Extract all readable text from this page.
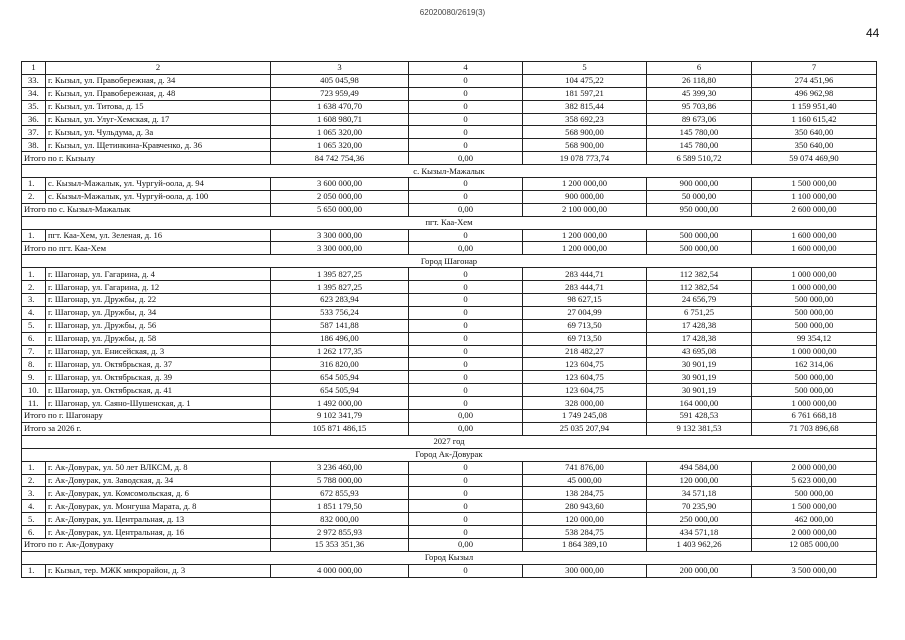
62020080/2619(3)
44
1	2	3	4	5	6	7
33.	г. Кызыл, ул. Правобережная, д. 34	405 045,98	0	104 475,22	26 118,80	274 451,96
34.	г. Кызыл, ул. Правобережная, д. 48	723 959,49	0	181 597,21	45 399,30	496 962,98
35.	г. Кызыл, ул. Титова, д. 15	1 638 470,70	0	382 815,44	95 703,86	1 159 951,40
36.	г. Кызыл, ул. Улуг-Хемская, д. 17	1 608 980,71	0	358 692,23	89 673,06	1 160 615,42
37.	г. Кызыл, ул. Чульдума, д. 3а	1 065 320,00	0	568 900,00	145 780,00	350 640,00
38.	г. Кызыл, ул. Щетинкина-Кравченко, д. 36	1 065 320,00	0	568 900,00	145 780,00	350 640,00
Итого по г. Кызылу		84 742 754,36	0,00	19 078 773,74	6 589 510,72	59 074 469,90
с. Кызыл-Мажалык						
1.	с. Кызыл-Мажалык, ул. Чургуй-оола, д. 94	3 600 000,00	0	1 200 000,00	900 000,00	1 500 000,00
2.	с. Кызыл-Мажалык, ул. Чургуй-оола, д. 100	2 050 000,00	0	900 000,00	50 000,00	1 100 000,00
Итого по с. Кызыл-Мажалык		5 650 000,00	0,00	2 100 000,00	950 000,00	2 600 000,00
пгт. Каа-Хем						
1.	пгт. Каа-Хем, ул. Зеленая, д. 16	3 300 000,00	0	1 200 000,00	500 000,00	1 600 000,00
Итого по пгт. Каа-Хем		3 300 000,00	0,00	1 200 000,00	500 000,00	1 600 000,00
Город Шагонар						
1.	г. Шагонар, ул. Гагарина, д. 4	1 395 827,25	0	283 444,71	112 382,54	1 000 000,00
2.	г. Шагонар, ул. Гагарина, д. 12	1 395 827,25	0	283 444,71	112 382,54	1 000 000,00
3.	г. Шагонар, ул. Дружбы, д. 22	623 283,94	0	98 627,15	24 656,79	500 000,00
4.	г. Шагонар, ул. Дружбы, д. 34	533 756,24	0	27 004,99	6 751,25	500 000,00
5.	г. Шагонар, ул. Дружбы, д. 56	587 141,88	0	69 713,50	17 428,38	500 000,00
6.	г. Шагонар, ул. Дружбы, д. 58	186 496,00	0	69 713,50	17 428,38	99 354,12
7.	г. Шагонар, ул. Енисейская, д. 3	1 262 177,35	0	218 482,27	43 695,08	1 000 000,00
8.	г. Шагонар, ул. Октябрьская, д. 37	316 820,00	0	123 604,75	30 901,19	162 314,06
9.	г. Шагонар, ул. Октябрьская, д. 39	654 505,94	0	123 604,75	30 901,19	500 000,00
10.	г. Шагонар, ул. Октябрьская, д. 41	654 505,94	0	123 604,75	30 901,19	500 000,00
11.	г. Шагонар, ул. Саяно-Шушенская, д. 1	1 492 000,00	0	328 000,00	164 000,00	1 000 000,00
Итого по г. Шагонару		9 102 341,79	0,00	1 749 245,08	591 428,53	6 761 668,18
Итого за 2026 г.		105 871 486,15	0,00	25 035 207,94	9 132 381,53	71 703 896,68
2027 год						
Город Ак-Довурак						
1.	г. Ак-Довурак, ул. 50 лет ВЛКСМ, д. 8	3 236 460,00	0	741 876,00	494 584,00	2 000 000,00
2.	г. Ак-Довурак, ул. Заводская, д. 34	5 788 000,00	0	45 000,00	120 000,00	5 623 000,00
3.	г. Ак-Довурак, ул. Комсомольская, д. 6	672 855,93	0	138 284,75	34 571,18	500 000,00
4.	г. Ак-Довурак, ул. Монгуша Марата, д. 8	1 851 179,50	0	280 943,60	70 235,90	1 500 000,00
5.	г. Ак-Довурак, ул. Центральная, д. 13	832 000,00	0	120 000,00	250 000,00	462 000,00
6.	г. Ак-Довурак, ул. Центральная, д. 16	2 972 855,93	0	538 284,75	434 571,18	2 000 000,00
Итого по г. Ак-Довураку		15 353 351,36	0,00	1 864 389,10	1 403 962,26	12 085 000,00
Город Кызыл						
1.	г. Кызыл, тер. МЖК микрорайон, д. 3	4 000 000,00	0	300 000,00	200 000,00	3 500 000,00
